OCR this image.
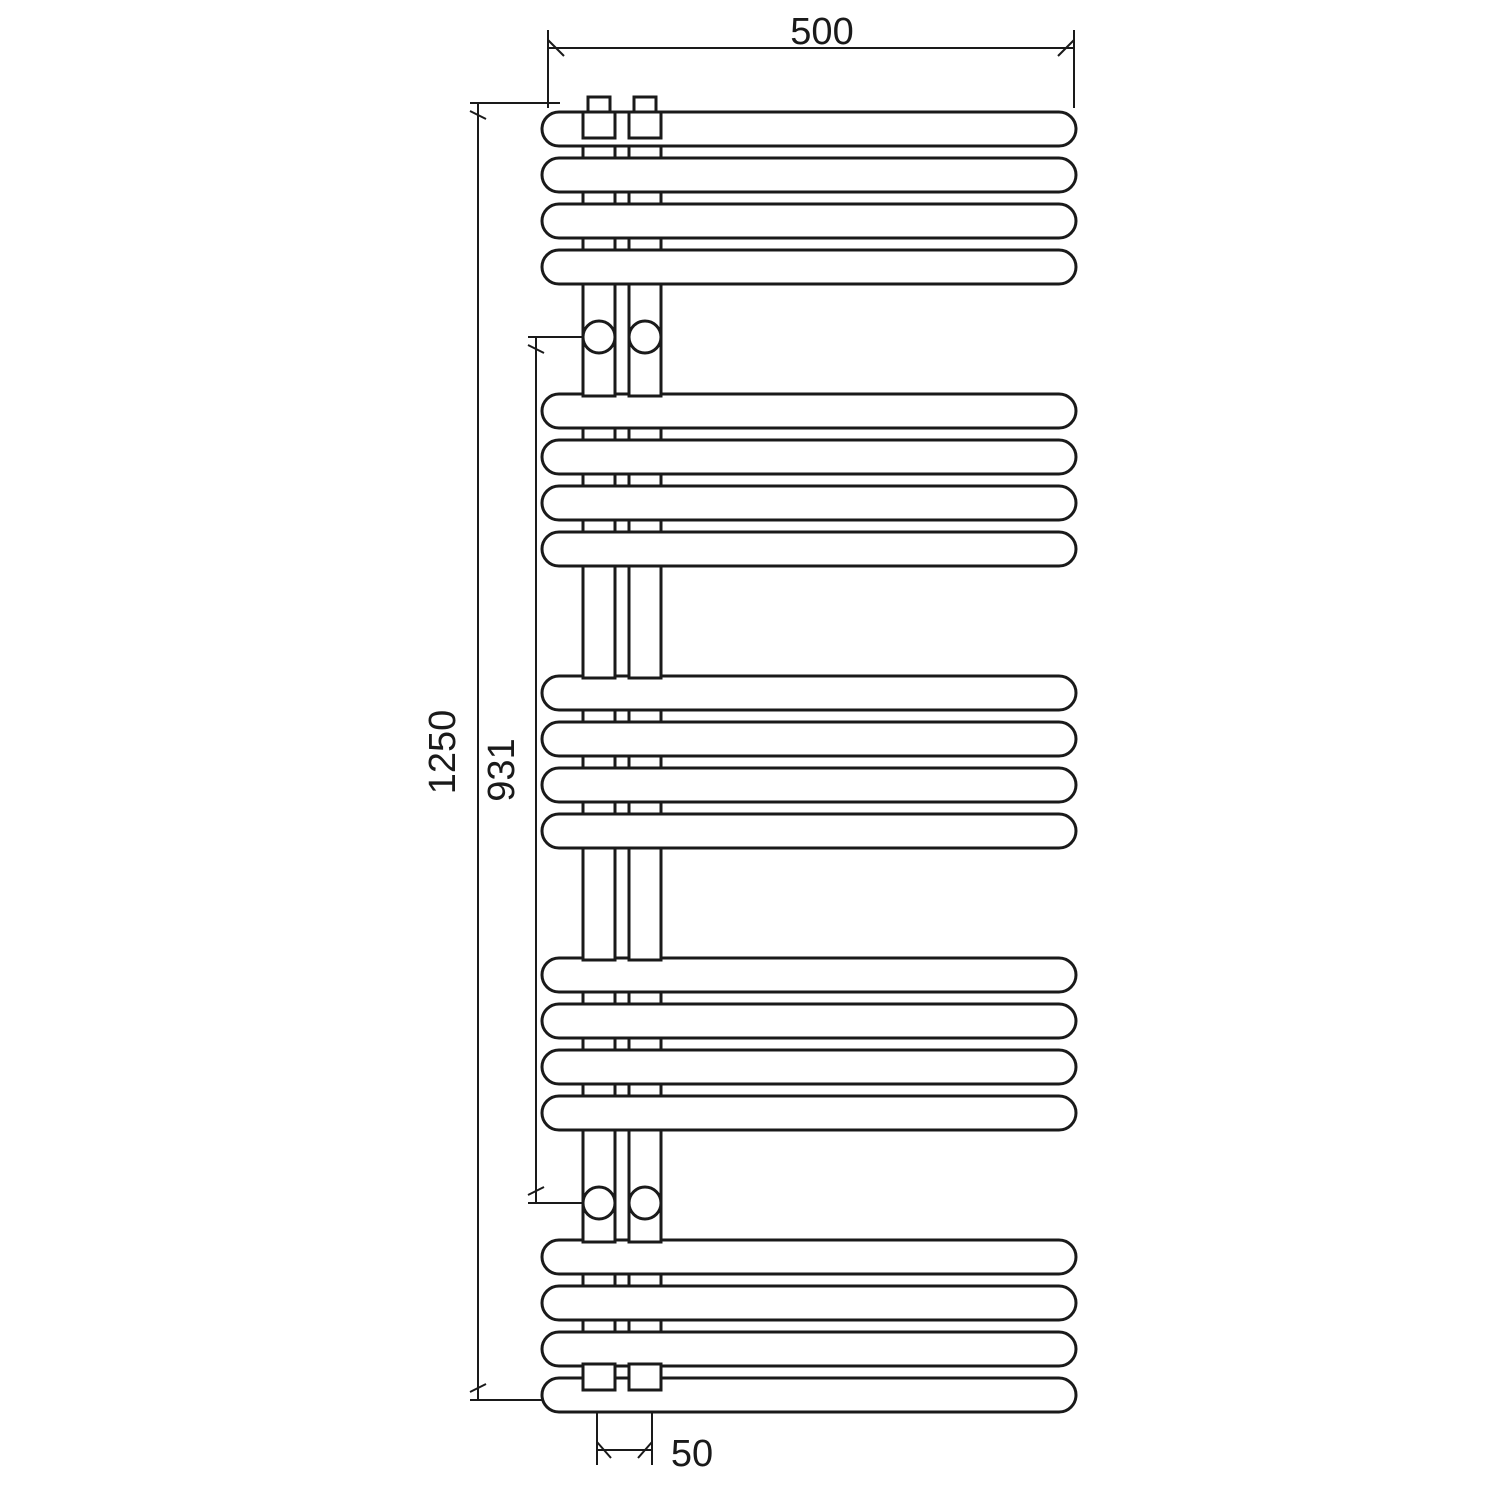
500
1250 931
50
